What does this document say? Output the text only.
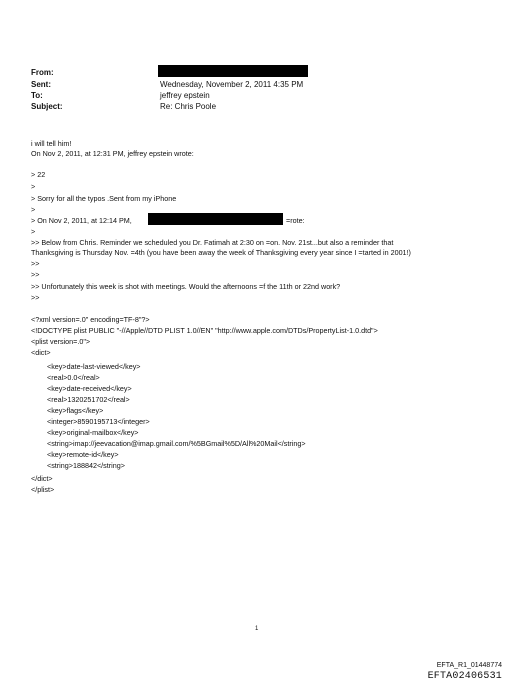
From:
Sent:	Wednesday, November 2, 2011 4:35 PM
To:	jeffrey epstein
Subject:	Re: Chris Poole
i will tell him!
On Nov 2, 2011, at 12:31 PM, jeffrey epstein wrote:
> 22
>
> Sorry for all the typos .Sent from my iPhone
>
> On Nov 2, 2011, at 12:14 PM,	=rote:
>
>> Below from Chris. Reminder we scheduled you Dr. Fatimah at 2:30 on =on. Nov. 21st...but also a reminder that
Thanksgiving is Thursday Nov. =4th (you have been away the week of Thanksgiving every year since I =tarted in 2001!)
>>
>>
>> Unfortunately this week is shot with meetings. Would the afternoons =f the 11th or 22nd work?
>>
<?xml version=.0" encoding=TF-8"?>
<!DOCTYPE plist PUBLIC "-//Apple//DTD PLIST 1.0//EN" "http://www.apple.com/DTDs/PropertyList-1.0.dtd">
<plist version=.0">
<dict>
<key>date-last-viewed</key>
<real>0.0</real>
<key>date-received</key>
<real>1320251702</real>
<key>flags</key>
<integer>8590195713</integer>
<key>original-mailbox</key>
<string>imap://jeevacation@imap.gmail.com/%5BGmail%5D/All%20Mail</string>
<key>remote-id</key>
<string>188842</string>
</dict>
</plist>
1
EFTA_R1_01448774
EFTA02406531
